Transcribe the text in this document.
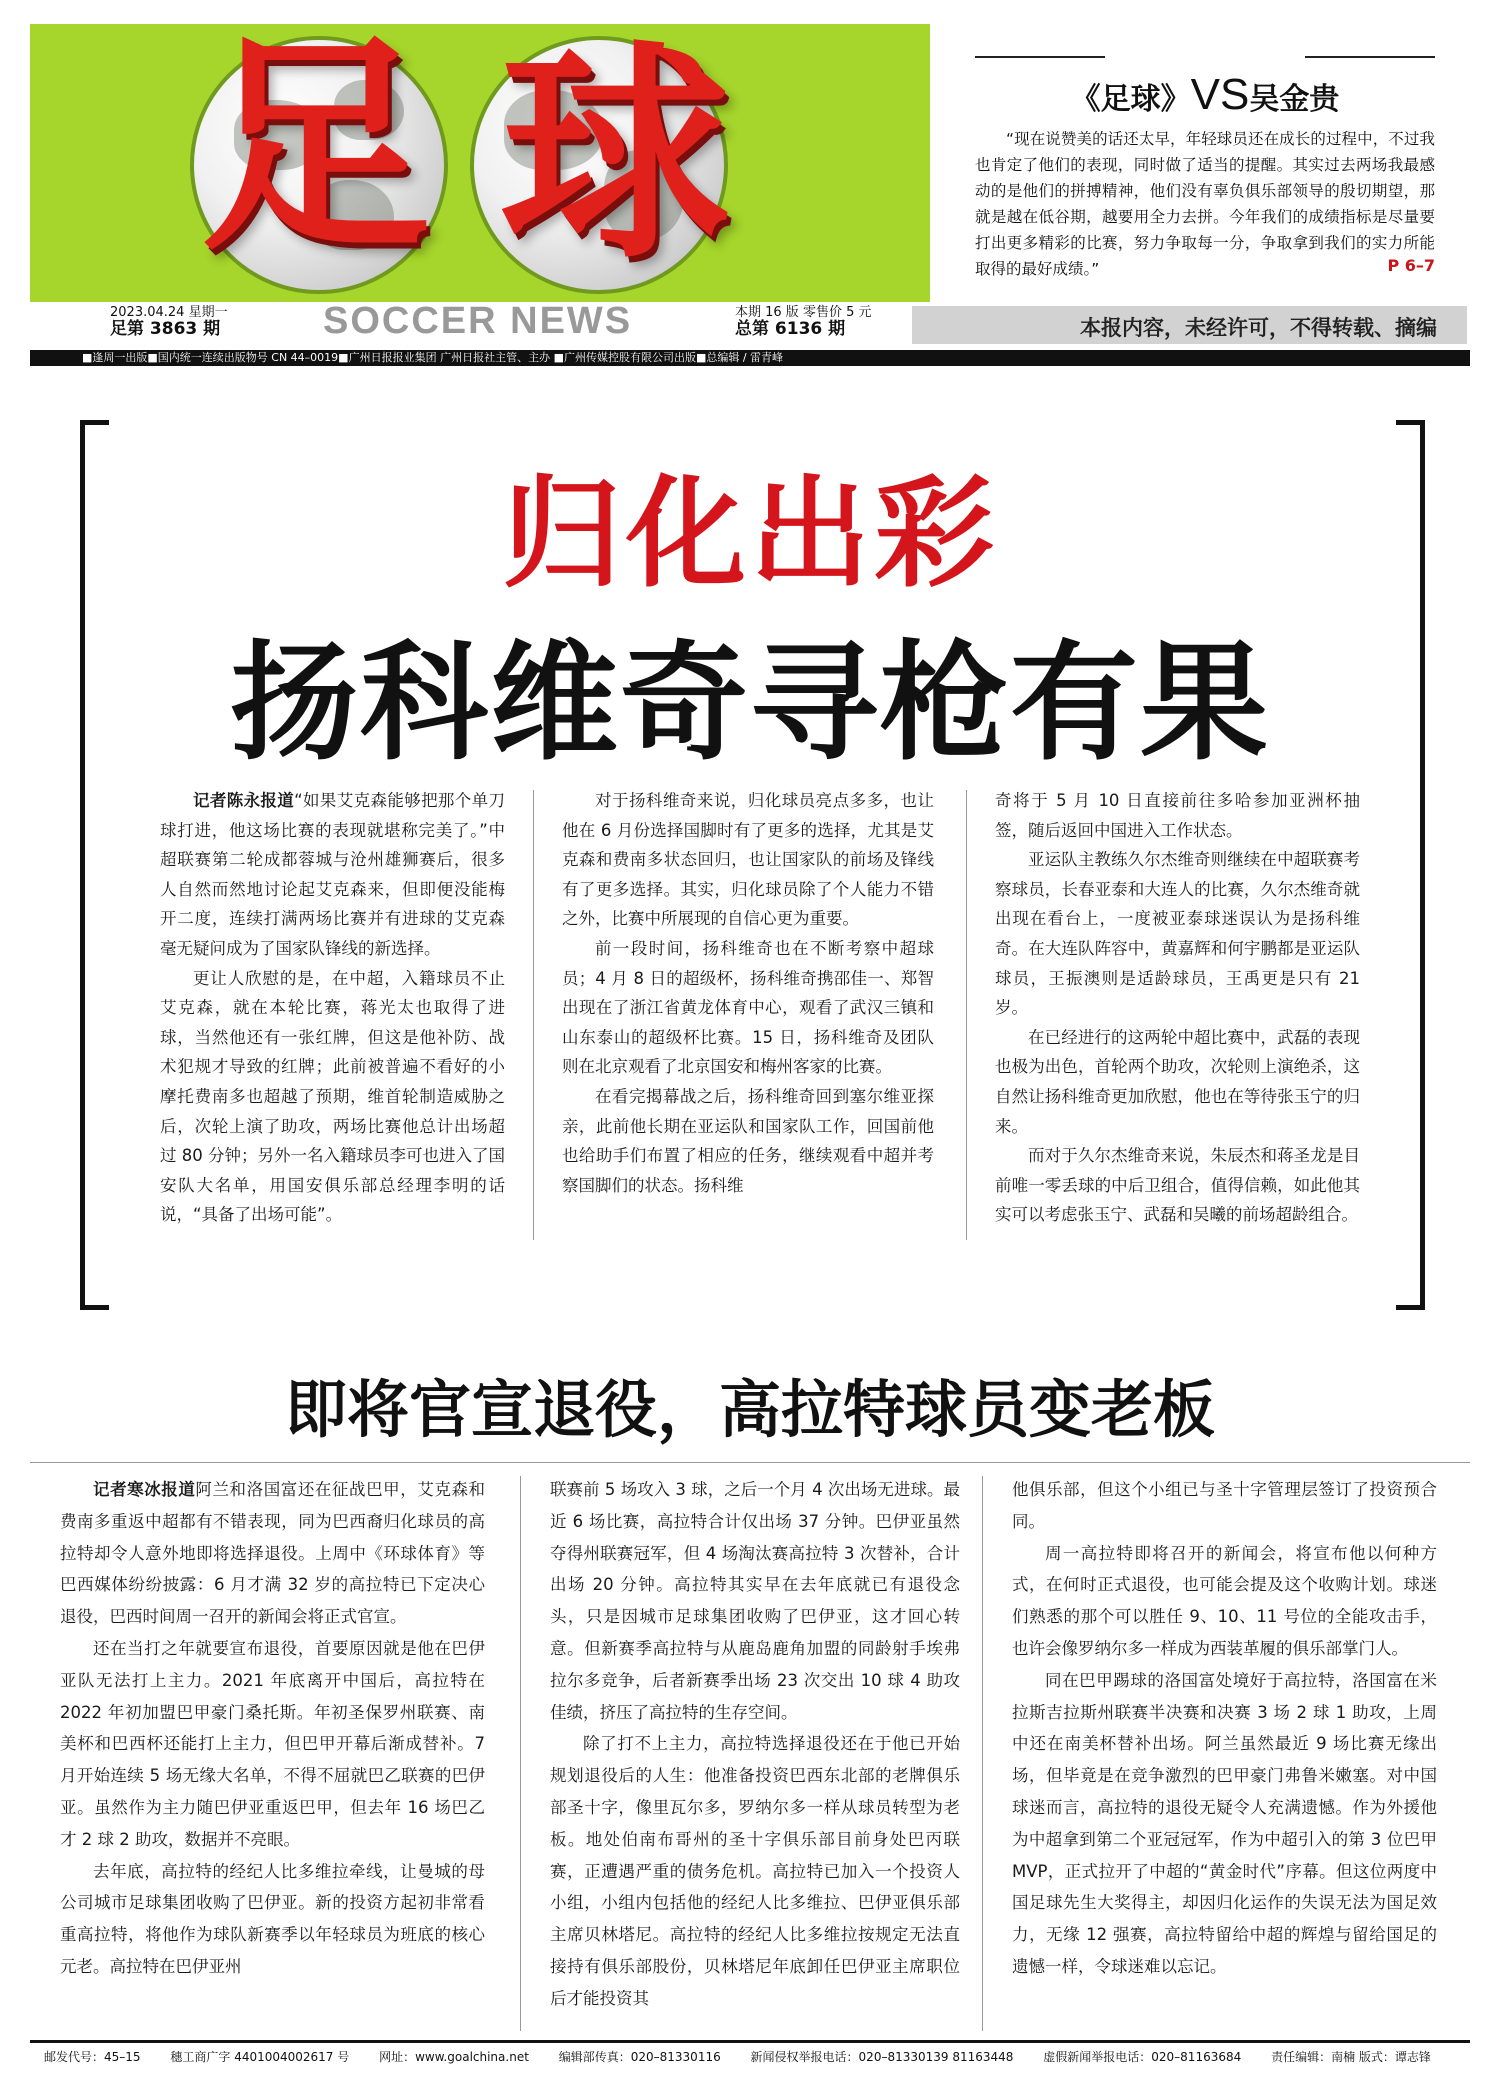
足 球	《足球》VS吴金贵
“现在说赞美的话还太早，年轻球员还在成长的过程中，不过我也肯定了他们的表现，同时做了适当的提醒。其实过去两场我最感动的是他们的拼搏精神，他们没有辜负俱乐部领导的殷切期望，那就是越在低谷期，越要用全力去拼。今年我们的成绩指标是尽量要打出更多精彩的比赛，努力争取每一分，争取拿到我们的实力所能取得的最好成绩。”	P 6–7
2023.04.24 星期一
足第 3863 期	SOCCER NEWS	本期 16 版 零售价 5 元
总第 6136 期	本报内容，未经许可，不得转载、摘编
■逢周一出版■国内统一连续出版物号 CN 44–0019■广州日报报业集团 广州日报社主管、主办 ■广州传媒控股有限公司出版■总编辑 / 雷青峰
归化出彩
扬科维奇寻枪有果

记者陈永报道“如果艾克森能够把那个单刀球打进，他这场比赛的表现就堪称完美了。”中超联赛第二轮成都蓉城与沧州雄狮赛后，很多人自然而然地讨论起艾克森来，但即便没能梅开二度，连续打满两场比赛并有进球的艾克森毫无疑问成为了国家队锋线的新选择。

更让人欣慰的是，在中超，入籍球员不止艾克森，就在本轮比赛，蒋光太也取得了进球，当然他还有一张红牌，但这是他补防、战术犯规才导致的红牌；此前被普遍不看好的小摩托费南多也超越了预期，维首轮制造威胁之后，次轮上演了助攻，两场比赛他总计出场超过 80 分钟；另外一名入籍球员李可也进入了国安队大名单，用国安俱乐部总经理李明的话说，“具备了出场可能”。

对于扬科维奇来说，归化球员亮点多多，也让他在 6 月份选择国脚时有了更多的选择，尤其是艾克森和费南多状态回归，也让国家队的前场及锋线有了更多选择。其实，归化球员除了个人能力不错之外，比赛中所展现的自信心更为重要。

前一段时间，扬科维奇也在不断考察中超球员；4 月 8 日的超级杯，扬科维奇携邵佳一、郑智出现在了浙江省黄龙体育中心，观看了武汉三镇和山东泰山的超级杯比赛。15 日，扬科维奇及团队则在北京观看了北京国安和梅州客家的比赛。

在看完揭幕战之后，扬科维奇回到塞尔维亚探亲，此前他长期在亚运队和国家队工作，回国前他也给助手们布置了相应的任务，继续观看中超并考察国脚们的状态。扬科维

奇将于 5 月 10 日直接前往多哈参加亚洲杯抽签，随后返回中国进入工作状态。

亚运队主教练久尔杰维奇则继续在中超联赛考察球员，长春亚泰和大连人的比赛，久尔杰维奇就出现在看台上，一度被亚泰球迷误认为是扬科维奇。在大连队阵容中，黄嘉辉和何宇鹏都是亚运队球员，王振澳则是适龄球员，王禹更是只有 21 岁。

在已经进行的这两轮中超比赛中，武磊的表现也极为出色，首轮两个助攻，次轮则上演绝杀，这自然让扬科维奇更加欣慰，他也在等待张玉宁的归来。

而对于久尔杰维奇来说，朱辰杰和蒋圣龙是目前唯一零丢球的中后卫组合，值得信赖，如此他其实可以考虑张玉宁、武磊和吴曦的前场超龄组合。

即将官宣退役，高拉特球员变老板

记者寒冰报道阿兰和洛国富还在征战巴甲，艾克森和费南多重返中超都有不错表现，同为巴西裔归化球员的高拉特却令人意外地即将选择退役。上周中《环球体育》等巴西媒体纷纷披露：6 月才满 32 岁的高拉特已下定决心退役，巴西时间周一召开的新闻会将正式官宣。

还在当打之年就要宣布退役，首要原因就是他在巴伊亚队无法打上主力。2021 年底离开中国后，高拉特在 2022 年初加盟巴甲豪门桑托斯。年初圣保罗州联赛、南美杯和巴西杯还能打上主力，但巴甲开幕后渐成替补。7 月开始连续 5 场无缘大名单，不得不屈就巴乙联赛的巴伊亚。虽然作为主力随巴伊亚重返巴甲，但去年 16 场巴乙才 2 球 2 助攻，数据并不亮眼。

去年底，高拉特的经纪人比多维拉牵线，让曼城的母公司城市足球集团收购了巴伊亚。新的投资方起初非常看重高拉特，将他作为球队新赛季以年轻球员为班底的核心元老。高拉特在巴伊亚州

联赛前 5 场攻入 3 球，之后一个月 4 次出场无进球。最近 6 场比赛，高拉特合计仅出场 37 分钟。巴伊亚虽然夺得州联赛冠军，但 4 场淘汰赛高拉特 3 次替补，合计出场 20 分钟。高拉特其实早在去年底就已有退役念头，只是因城市足球集团收购了巴伊亚，这才回心转意。但新赛季高拉特与从鹿岛鹿角加盟的同龄射手埃弗拉尔多竞争，后者新赛季出场 23 次交出 10 球 4 助攻佳绩，挤压了高拉特的生存空间。

除了打不上主力，高拉特选择退役还在于他已开始规划退役后的人生：他准备投资巴西东北部的老牌俱乐部圣十字，像里瓦尔多，罗纳尔多一样从球员转型为老板。地处伯南布哥州的圣十字俱乐部目前身处巴丙联赛，正遭遇严重的债务危机。高拉特已加入一个投资人小组，小组内包括他的经纪人比多维拉、巴伊亚俱乐部主席贝林塔尼。高拉特的经纪人比多维拉按规定无法直接持有俱乐部股份，贝林塔尼年底卸任巴伊亚主席职位后才能投资其

他俱乐部，但这个小组已与圣十字管理层签订了投资预合同。

周一高拉特即将召开的新闻会，将宣布他以何种方式，在何时正式退役，也可能会提及这个收购计划。球迷们熟悉的那个可以胜任 9、10、11 号位的全能攻击手，也许会像罗纳尔多一样成为西装革履的俱乐部掌门人。

同在巴甲踢球的洛国富处境好于高拉特，洛国富在米拉斯吉拉斯州联赛半决赛和决赛 3 场 2 球 1 助攻，上周中还在南美杯替补出场。阿兰虽然最近 9 场比赛无缘出场，但毕竟是在竞争激烈的巴甲豪门弗鲁米嫩塞。对中国球迷而言，高拉特的退役无疑令人充满遗憾。作为外援他为中超拿到第二个亚冠冠军，作为中超引入的第 3 位巴甲 MVP，正式拉开了中超的“黄金时代”序幕。但这位两度中国足球先生大奖得主，却因归化运作的失误无法为国足效力，无缘 12 强赛，高拉特留给中超的辉煌与留给国足的遗憾一样，令球迷难以忘记。

邮发代号：45–15 穗工商广字 4401004002617 号 网址：www.goalchina.net 编辑部传真：020–81330116 新闻侵权举报电话：020–81330139 81163448 虚假新闻举报电话：020–81163684 责任编辑：南楠 版式：谭志锋
